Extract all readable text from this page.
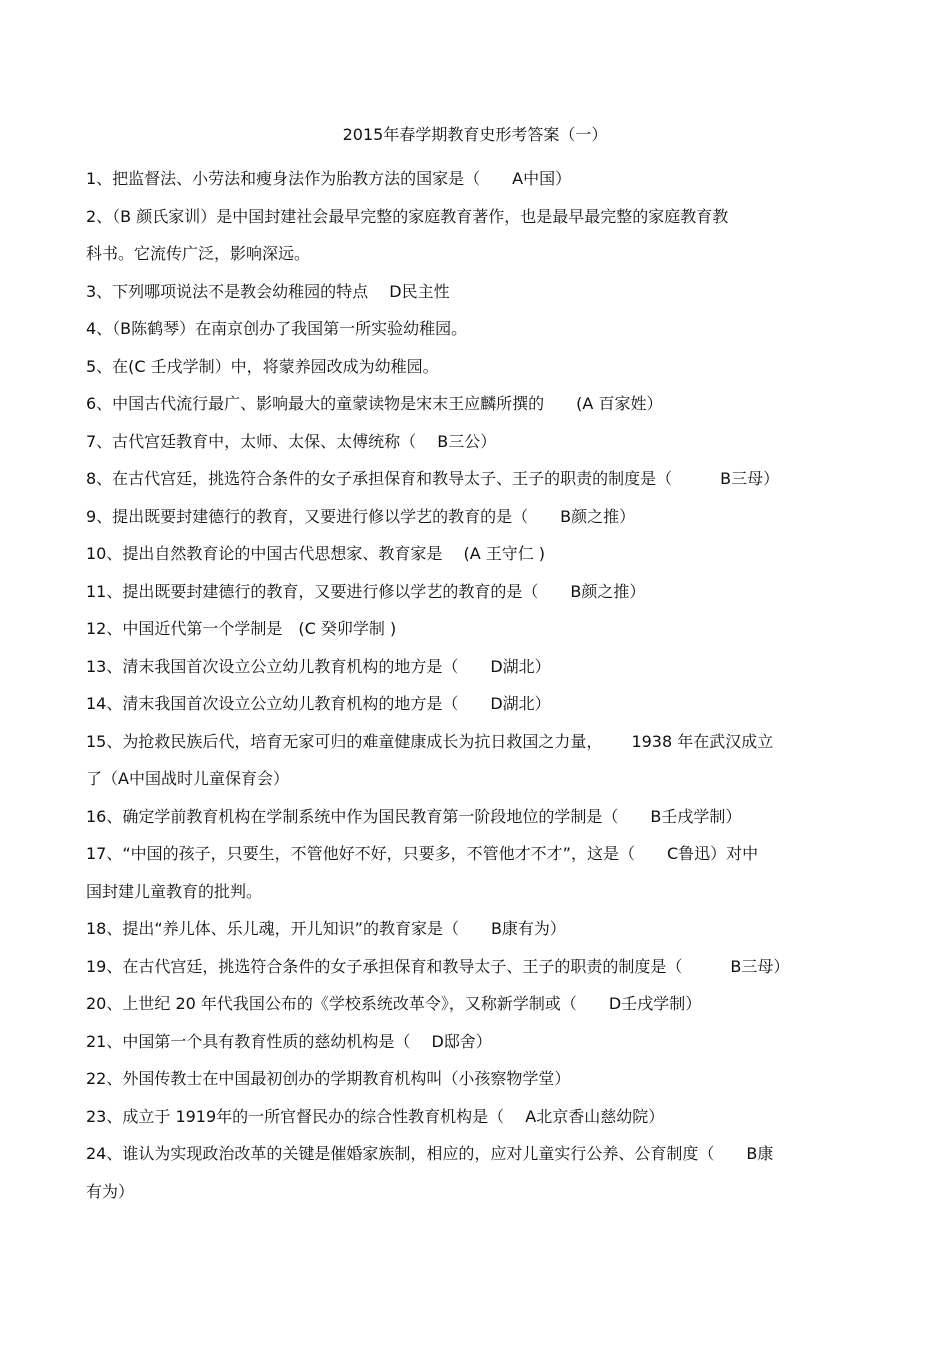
2015年春学期教育史形考答案（一）
1、把监督法、小劳法和瘦身法作为胎教方法的国家是（　　A中国）
2、（B 颜氏家训）是中国封建社会最早完整的家庭教育著作，也是最早最完整的家庭教育教
科书。它流传广泛，影响深远。
3、下列哪项说法不是教会幼稚园的特点　 D民主性
4、（B陈鹤琴）在南京创办了我国第一所实验幼稚园。
5、在(C 壬戌学制）中，将蒙养园改成为幼稚园。
6、中国古代流行最广、影响最大的童蒙读物是宋末王应麟所撰的　　(A 百家姓）
7、古代宫廷教育中，太师、太保、太傅统称（　 B三公）
8、在古代宫廷，挑选符合条件的女子承担保育和教导太子、王子的职责的制度是（　　　B三母）
9、提出既要封建德行的教育，又要进行修以学艺的教育的是（　　B颜之推）
10、提出自然教育论的中国古代思想家、教育家是　 (A 王守仁 )
11、提出既要封建德行的教育，又要进行修以学艺的教育的是（　　B颜之推）
12、中国近代第一个学制是　(C 癸卯学制 )
13、清末我国首次设立公立幼儿教育机构的地方是（　　D湖北）
14、清末我国首次设立公立幼儿教育机构的地方是（　　D湖北）
15、为抢救民族后代，培育无家可归的难童健康成长为抗日救国之力量，　　 1938 年在武汉成立
了（A中国战时儿童保育会）
16、确定学前教育机构在学制系统中作为国民教育第一阶段地位的学制是（　　B壬戌学制）
17、“中国的孩子，只要生，不管他好不好，只要多，不管他才不才”，这是（　　C鲁迅）对中
国封建儿童教育的批判。
18、提出“养儿体、乐儿魂，开儿知识”的教育家是（　　B康有为）
19、在古代宫廷，挑选符合条件的女子承担保育和教导太子、王子的职责的制度是（　　　B三母）
20、上世纪 20 年代我国公布的《学校系统改革令》，又称新学制或（　　D壬戌学制）
21、中国第一个具有教育性质的慈幼机构是（　 D邸舍）
22、外国传教士在中国最初创办的学期教育机构叫（小孩察物学堂）
23、成立于 1919年的一所官督民办的综合性教育机构是（　 A北京香山慈幼院）
24、谁认为实现政治改革的关键是催婚家族制，相应的，应对儿童实行公养、公育制度（　　B康
有为）
